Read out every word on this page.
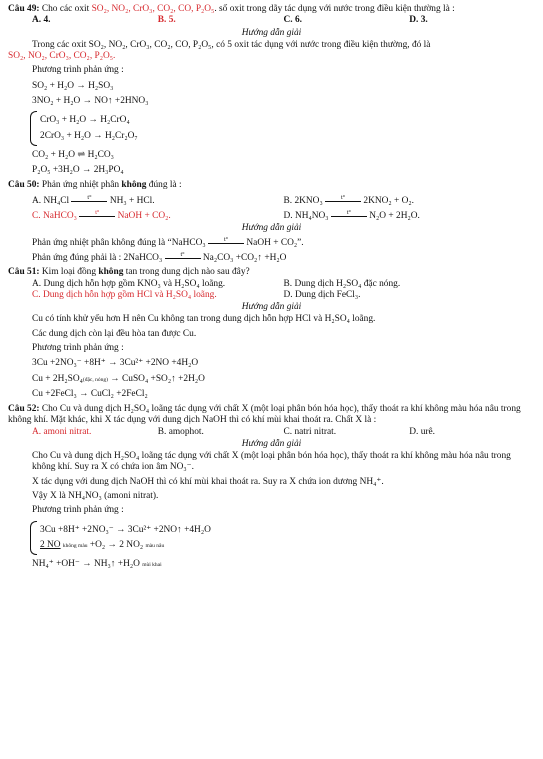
Câu 49: Cho các oxit SO₂, NO₂, CrO₃, CO₂, CO, P₂O₅. số oxit trong dãy tác dụng với nước trong điều kiện thường là :

A. 4.	B. 5.	C. 6.	D. 3.
Hướng dẫn giải

Trong các oxit SO₂, NO₂, CrO₃, CO₂, CO, P₂O₅, có 5 oxit tác dụng với nước trong điều kiện thường, đó là

SO₂, NO₂, CrO₃, CO₂, P₂O₅.

Phương trình phản ứng :

SO₂ + H₂O → H₂SO₃
3NO₂ + H₂O → NO↑ +2HNO₃
CrO₃ + H₂O → H₂CrO₄
2CrO₃ + H₂O → H₂Cr₂O₇
CO₂ + H₂O ⇌ H₂CO₃
P₂O₅ +3H₂O → 2H₃PO₄

Câu 50: Phản ứng nhiệt phân không đúng là :

A. NH₄Cl	$^{t^\circ}$ NH₃ + HCl.	B. 2KNO₃	$^{t^\circ}$ 2KNO₂ + O₂.
C. NaHCO₃	$^{t^\circ}$ NaOH + CO₂.	D. NH₄NO₃	$^{t^\circ}$ N₂O + 2H₂O.
Hướng dẫn giải

Phản ứng nhiệt phân không đúng là “NaHCO₃	$^{t^\circ}$ NaOH + CO₂”.

Phản ứng đúng phải là : 2NaHCO₃	$^{t^\circ}$ Na₂CO₃ +CO₂↑ +H₂O

Câu 51: Kim loại đồng không tan trong dung dịch nào sau đây?

A. Dung dịch hỗn hợp gồm KNO₃ và H₂SO₄ loãng.	B. Dung dịch H₂SO₄ đặc nóng.
C. Dung dịch hỗn hợp gồm HCl và H₂SO₄ loãng.	D. Dung dịch FeCl₃.
Hướng dẫn giải

Cu có tính khử yếu hơn H nên Cu không tan trong dung dịch hỗn hợp HCl và H₂SO₄ loãng.

Các dung dịch còn lại đều hòa tan được Cu.

Phương trình phản ứng :

3Cu +2NO₃⁻ +8H⁺ → 3Cu²⁺ +2NO +4H₂O
Cu + 2H₂SO₄(đặc, nóng) → CuSO₄ +SO₂↑ +2H₂O
Cu +2FeCl₃ → CuCl₂ +2FeCl₂

Câu 52: Cho Cu và dung dịch H₂SO₄ loãng tác dụng với chất X (một loại phân bón hóa học), thấy thoát ra khí không màu hóa nâu trong không khí. Mặt khác, khi X tác dụng với dung dịch NaOH thì có khí mùi khai thoát ra. Chất X là :

A. amoni nitrat.	B. amophot.	C. natri nitrat.	D. urê.
Hướng dẫn giải

Cho Cu và dung dịch H₂SO₄ loãng tác dụng với chất X (một loại phân bón hóa học), thấy thoát ra khí không màu hóa nâu trong không khí. Suy ra X có chứa ion âm NO₃⁻.

X tác dụng với dung dịch NaOH thì có khí mùi khai thoát ra. Suy ra X chứa ion dương NH₄⁺.

Vậy X là NH₄NO₃ (amoni nitrat).

Phương trình phản ứng :

3Cu +8H⁺ +2NO₃⁻ → 3Cu²⁺ +2NO↑ +4H₂O
2 NO không màu +O₂ → 2 NO₂ màu nâu
NH₄⁺ +OH⁻ → NH₃↑ +H₂O mùi khai
